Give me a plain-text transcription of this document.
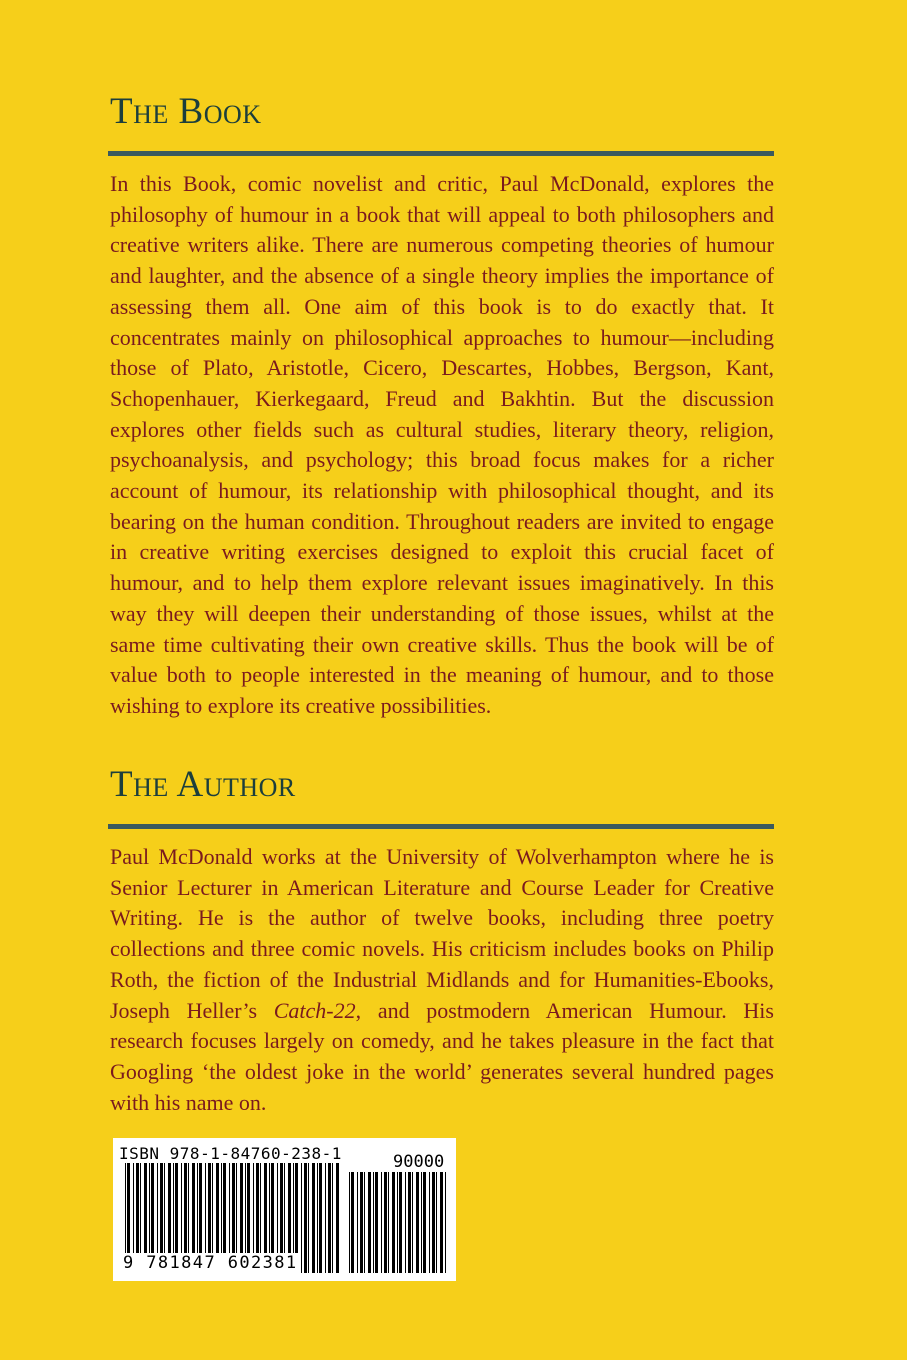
The Book

In this Book, comic novelist and critic, Paul McDonald, explores the philosophy of humour in a book that will appeal to both philosophers and creative writers alike. There are numerous competing theories of humour and laughter, and the absence of a single theory implies the importance of assessing them all. One aim of this book is to do exactly that. It concentrates mainly on philosophical approaches to humour—including those of Plato, Aristotle, Cicero, Descartes, Hobbes, Bergson, Kant, Schopenhauer, Kierkegaard, Freud and Bakhtin. But the discussion explores other fields such as cultural studies, literary theory, religion, psychoanalysis, and psychology; this broad focus makes for a richer account of humour, its relationship with philosophical thought, and its bearing on the human condition. Throughout readers are invited to engage in creative writing exercises designed to exploit this crucial facet of humour, and to help them explore relevant issues imaginatively. In this way they will deepen their understanding of those issues, whilst at the same time cultivating their own creative skills. Thus the book will be of value both to people interested in the meaning of humour, and to those wishing to explore its creative possibilities.

The Author

Paul McDonald works at the University of Wolverhampton where he is Senior Lecturer in American Literature and Course Leader for Creative Writing. He is the author of twelve books, including three poetry collections and three comic novels. His criticism includes books on Philip Roth, the fiction of the Industrial Midlands and for Humanities-Ebooks, Joseph Heller’s Catch-22, and postmodern American Humour. His research focuses largely on comedy, and he takes pleasure in the fact that Googling ‘the oldest joke in the world’ generates several hundred pages with his name on.

ISBN 978-1-84760-238-1	90000
9 781847 602381
